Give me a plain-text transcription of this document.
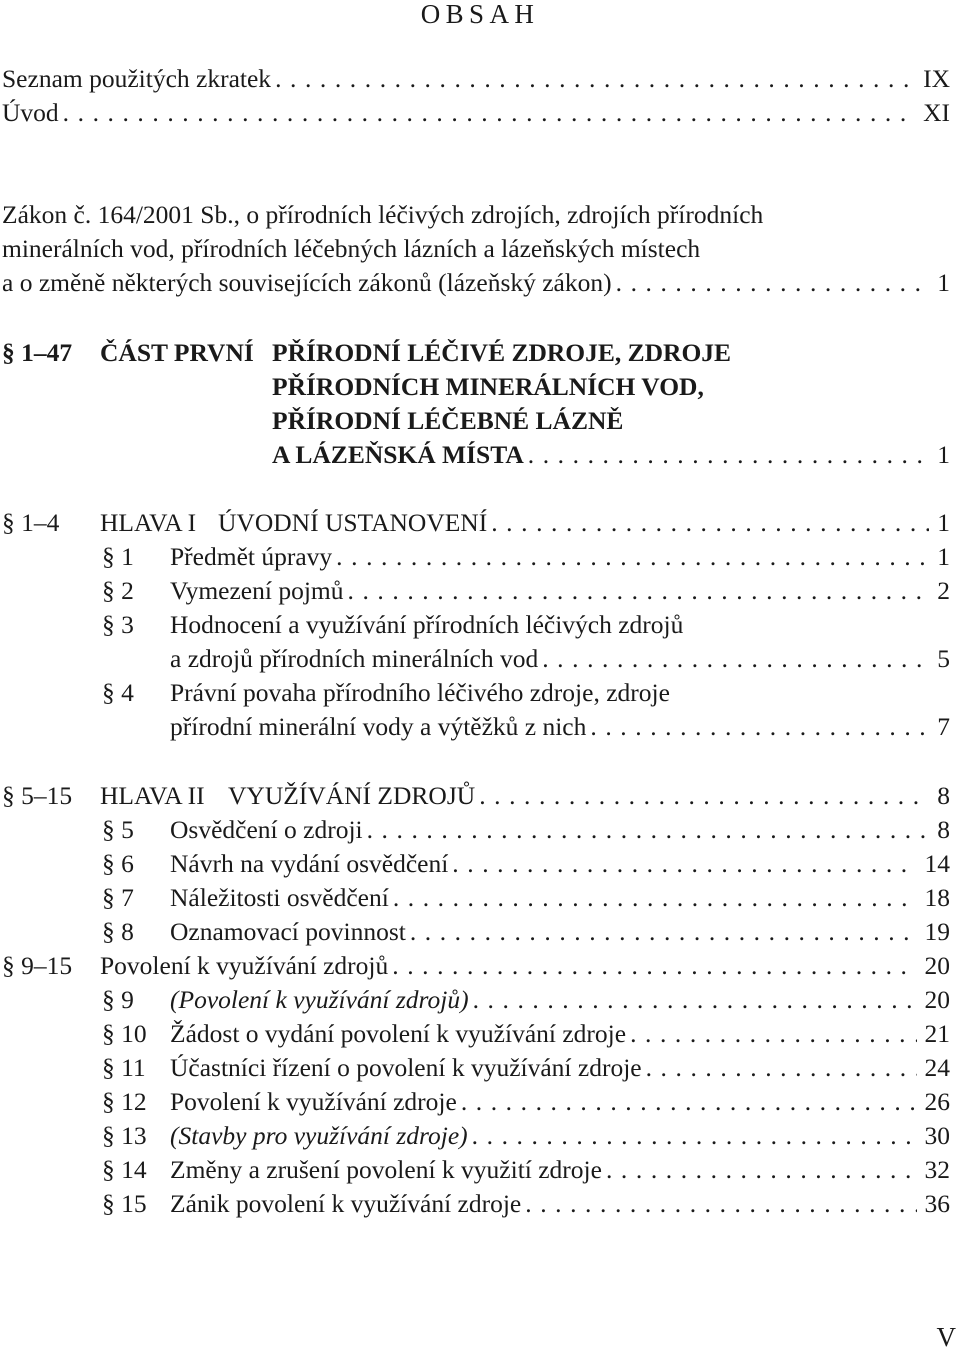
OBSAH
Seznam použitých zkratek . . .	IX
Úvod . . .	XI
Zákon č. 164/2001 Sb., o přírodních léčivých zdrojích, zdrojích přírodních
minerálních vod, přírodních léčebných lázních a lázeňských místech
a o změně některých souvisejících zákonů (lázeňský zákon) . . .	1
§ 1–47 ČÁST PRVNÍ PŘÍRODNÍ LÉČIVÉ ZDROJE, ZDROJE
PŘÍRODNÍCH MINERÁLNÍCH VOD,
PŘÍRODNÍ LÉČEBNÉ LÁZNĚ
A LÁZEŇSKÁ MÍSTA . . .	1
§ 1–4 HLAVA I ÚVODNÍ USTANOVENÍ . . .	1
§ 1 Předmět úpravy . . .	1
§ 2 Vymezení pojmů . . .	2
§ 3 Hodnocení a využívání přírodních léčivých zdrojů
a zdrojů přírodních minerálních vod . . .	5
§ 4 Právní povaha přírodního léčivého zdroje, zdroje
přírodní minerální vody a výtěžků z nich . . .	7
§ 5–15 HLAVA II VYUŽÍVÁNÍ ZDROJŮ . . .	8
§ 5 Osvědčení o zdroji . . .	8
§ 6 Návrh na vydání osvědčení . . .	14
§ 7 Náležitosti osvědčení . . .	18
§ 8 Oznamovací povinnost . . .	19
§ 9–15 Povolení k využívání zdrojů . . .	20
§ 9 (Povolení k využívání zdrojů) . . .	20
§ 10 Žádost o vydání povolení k využívání zdroje . . .	21
§ 11 Účastníci řízení o povolení k využívání zdroje . . .	24
§ 12 Povolení k využívání zdroje . . .	26
§ 13 (Stavby pro využívání zdroje) . . .	30
§ 14 Změny a zrušení povolení k využití zdroje . . .	32
§ 15 Zánik povolení k využívání zdroje . . .	36
V
